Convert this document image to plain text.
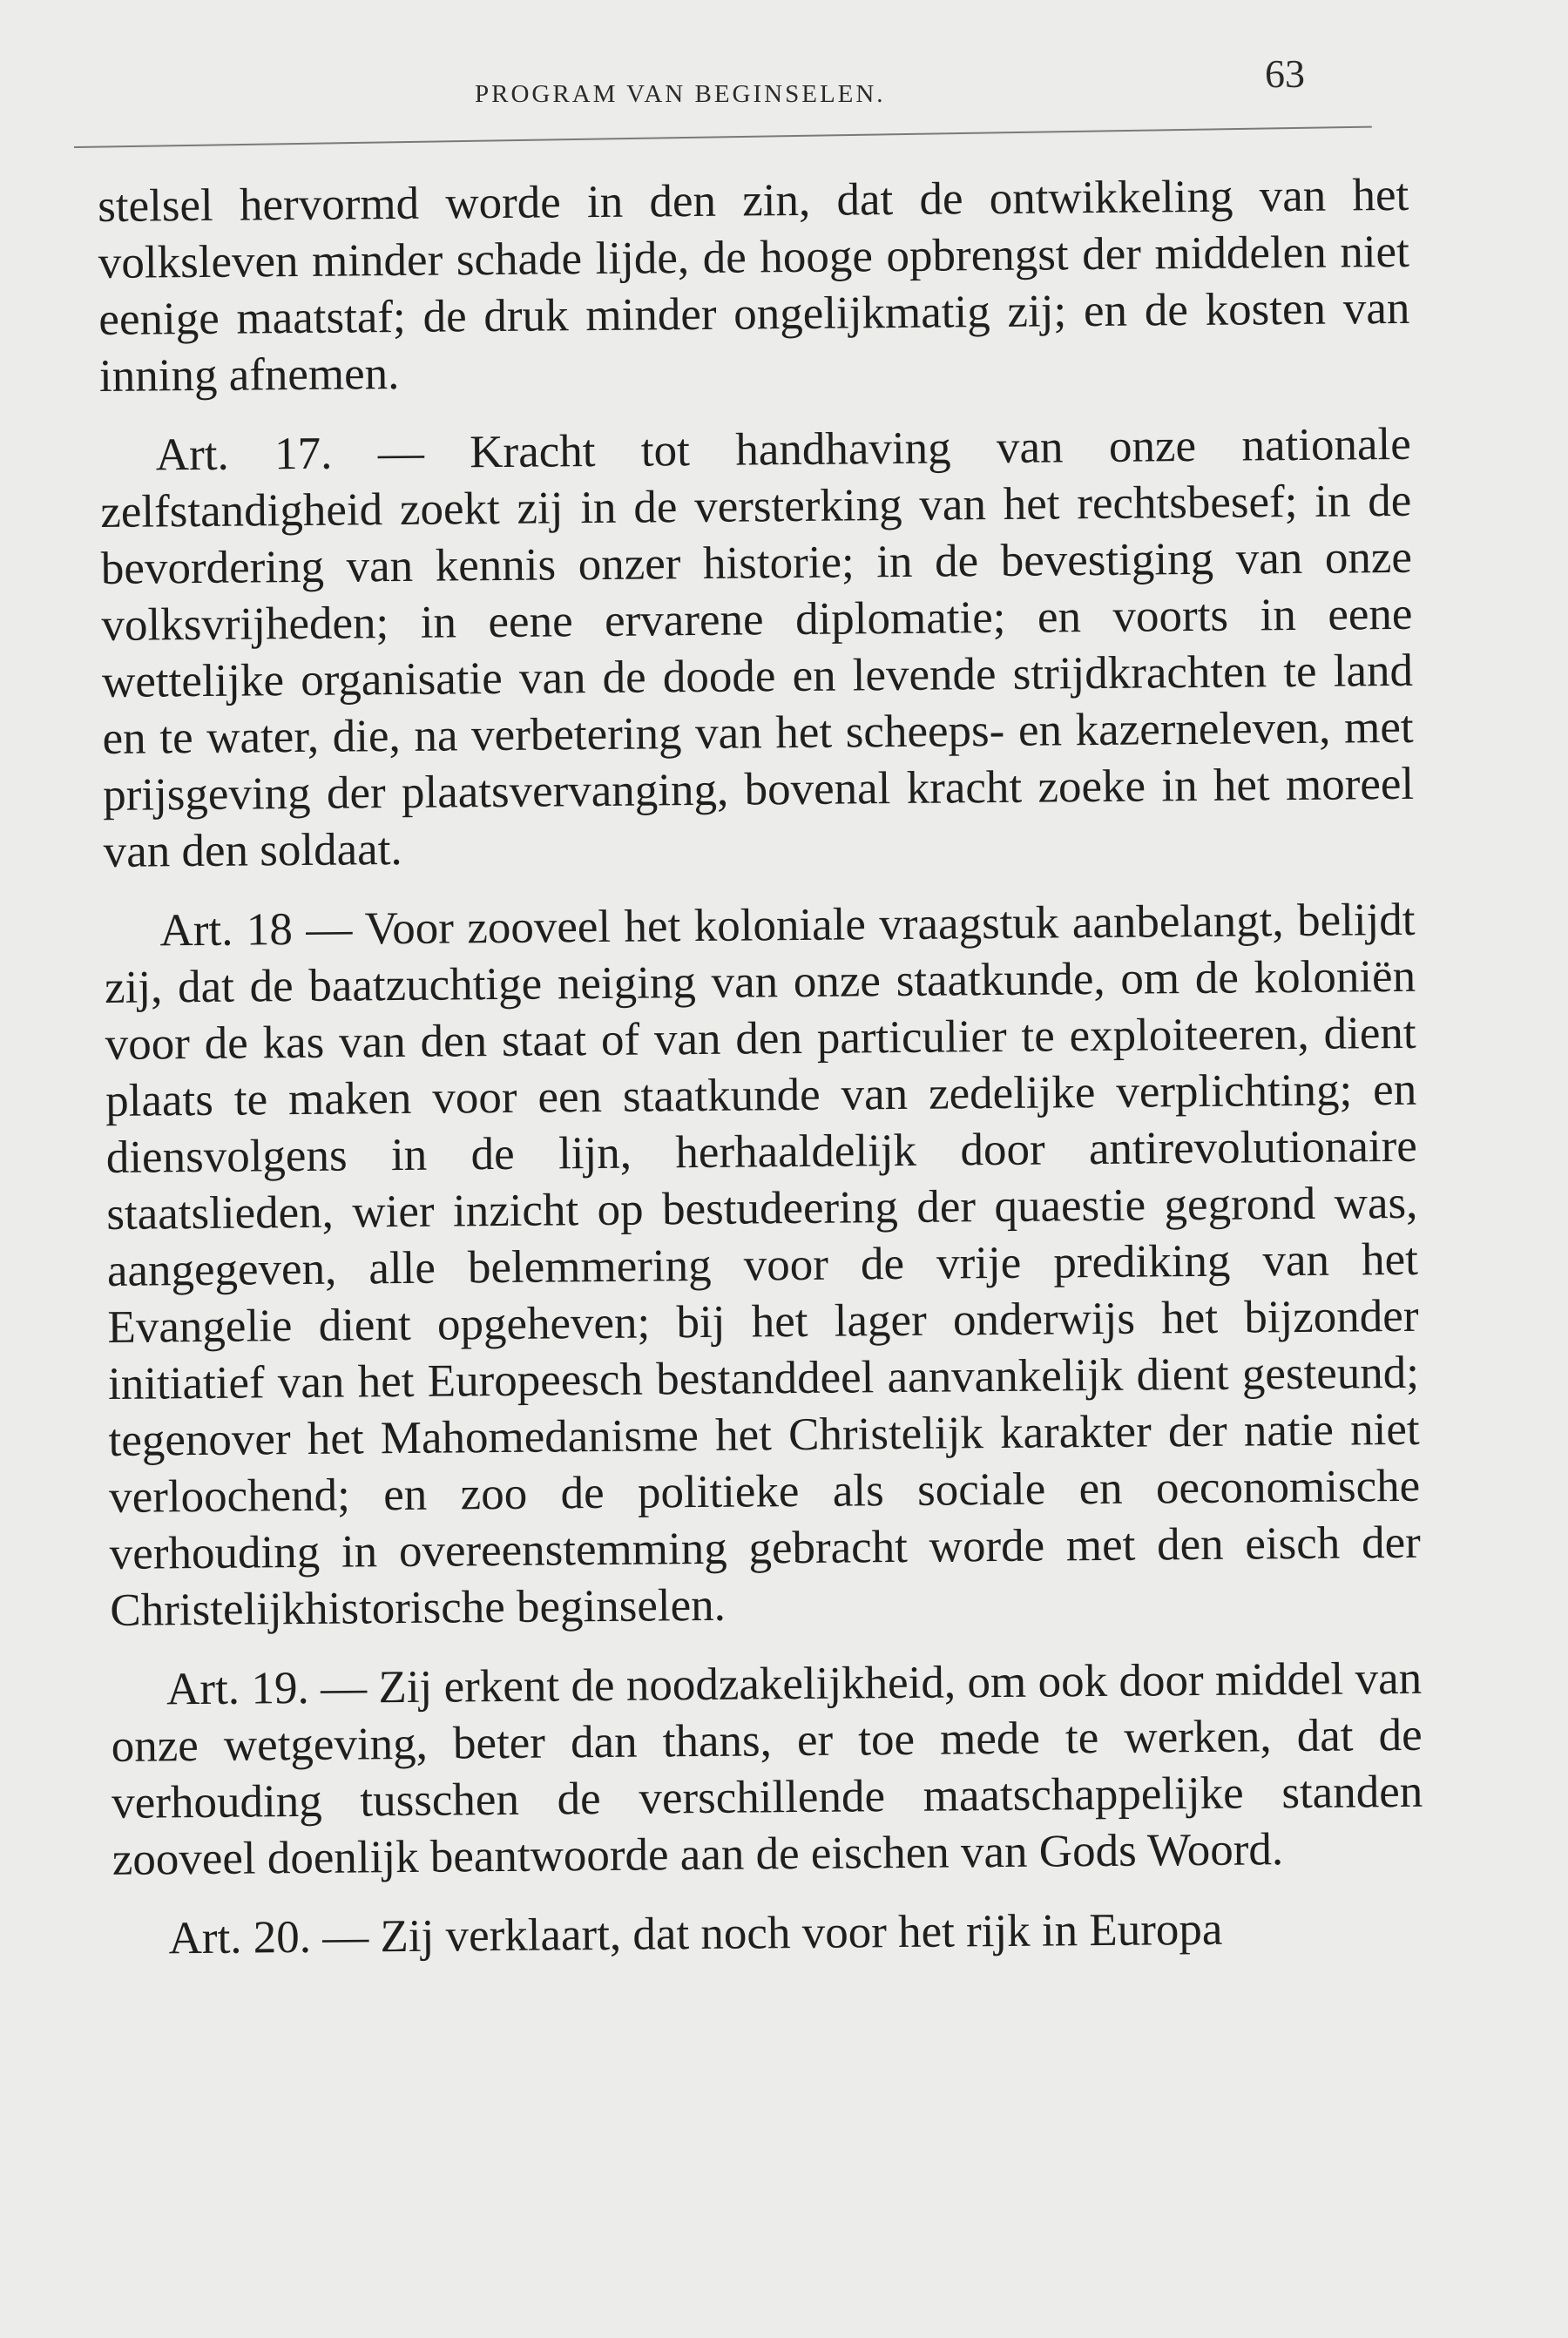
PROGRAM VAN BEGINSELEN.	63

stelsel hervormd worde in den zin, dat de ontwikkeling van het volksleven minder schade lijde, de hooge opbrengst der middelen niet eenige maatstaf; de druk minder ongelijkmatig zij; en de kosten van inning afnemen.

Art. 17. — Kracht tot handhaving van onze nationale zelfstandigheid zoekt zij in de versterking van het rechtsbesef; in de bevordering van kennis onzer historie; in de bevestiging van onze volksvrijheden; in eene ervarene diplomatie; en voorts in eene wettelijke organisatie van de doode en levende strijdkrachten te land en te water, die, na verbetering van het scheeps- en kazerneleven, met prijsgeving der plaatsvervanging, bovenal kracht zoeke in het moreel van den soldaat.

Art. 18 — Voor zooveel het koloniale vraagstuk aanbelangt, belijdt zij, dat de baatzuchtige neiging van onze staatkunde, om de koloniën voor de kas van den staat of van den particulier te exploiteeren, dient plaats te maken voor een staatkunde van zedelijke verplichting; en diensvolgens in de lijn, herhaaldelijk door antirevolutionaire staatslieden, wier inzicht op bestudeering der quaestie gegrond was, aangegeven, alle belemmering voor de vrije prediking van het Evangelie dient opgeheven; bij het lager onderwijs het bijzonder initiatief van het Europeesch bestanddeel aanvankelijk dient gesteund; tegenover het Mahomedanisme het Christelijk karakter der natie niet verloochend; en zoo de politieke als sociale en oeconomische verhouding in overeenstemming gebracht worde met den eisch der Christelijkhistorische beginselen.

Art. 19. — Zij erkent de noodzakelijkheid, om ook door middel van onze wetgeving, beter dan thans, er toe mede te werken, dat de verhouding tusschen de verschillende maatschappelijke standen zooveel doenlijk beantwoorde aan de eischen van Gods Woord.

Art. 20. — Zij verklaart, dat noch voor het rijk in Europa
